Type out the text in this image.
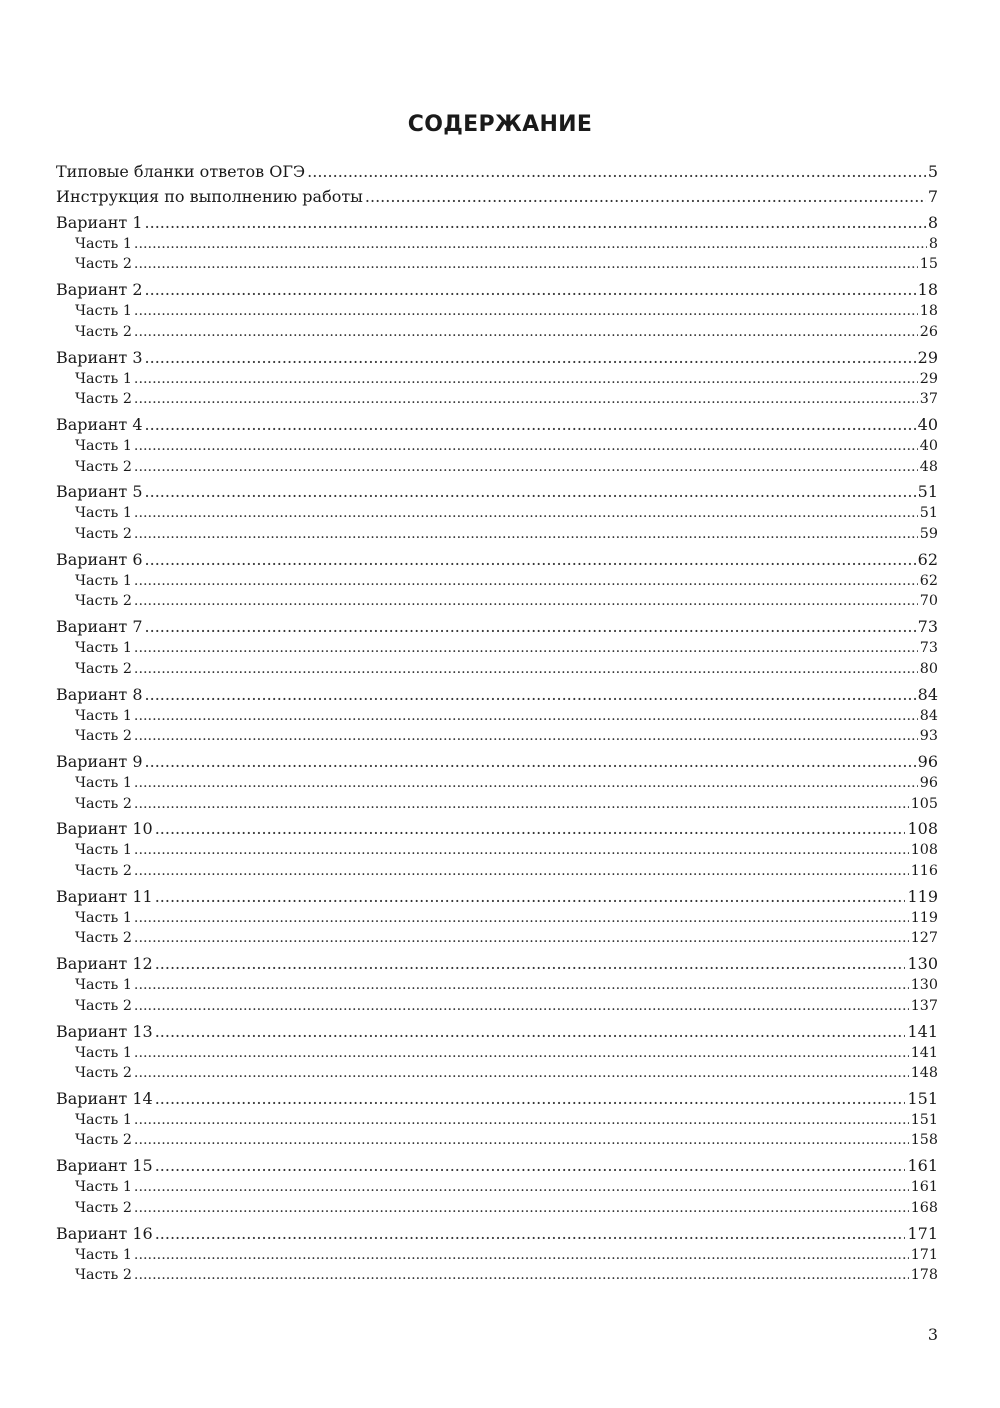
СОДЕРЖАНИЕ
Типовые бланки ответов ОГЭ .....	5
Инструкция по выполнению работы .....	7
Вариант 1 .....	8
Часть 1 .....	8
Часть 2 .....	15
Вариант 2 .....	18
Часть 1 .....	18
Часть 2 .....	26
Вариант 3 .....	29
Часть 1 .....	29
Часть 2 .....	37
Вариант 4 .....	40
Часть 1 .....	40
Часть 2 .....	48
Вариант 5 .....	51
Часть 1 .....	51
Часть 2 .....	59
Вариант 6 .....	62
Часть 1 .....	62
Часть 2 .....	70
Вариант 7 .....	73
Часть 1 .....	73
Часть 2 .....	80
Вариант 8 .....	84
Часть 1 .....	84
Часть 2 .....	93
Вариант 9 .....	96
Часть 1 .....	96
Часть 2 .....	105
Вариант 10 .....	108
Часть 1 .....	108
Часть 2 .....	116
Вариант 11 .....	119
Часть 1 .....	119
Часть 2 .....	127
Вариант 12 .....	130
Часть 1 .....	130
Часть 2 .....	137
Вариант 13 .....	141
Часть 1 .....	141
Часть 2 .....	148
Вариант 14 .....	151
Часть 1 .....	151
Часть 2 .....	158
Вариант 15 .....	161
Часть 1 .....	161
Часть 2 .....	168
Вариант 16 .....	171
Часть 1 .....	171
Часть 2 .....	178
3
